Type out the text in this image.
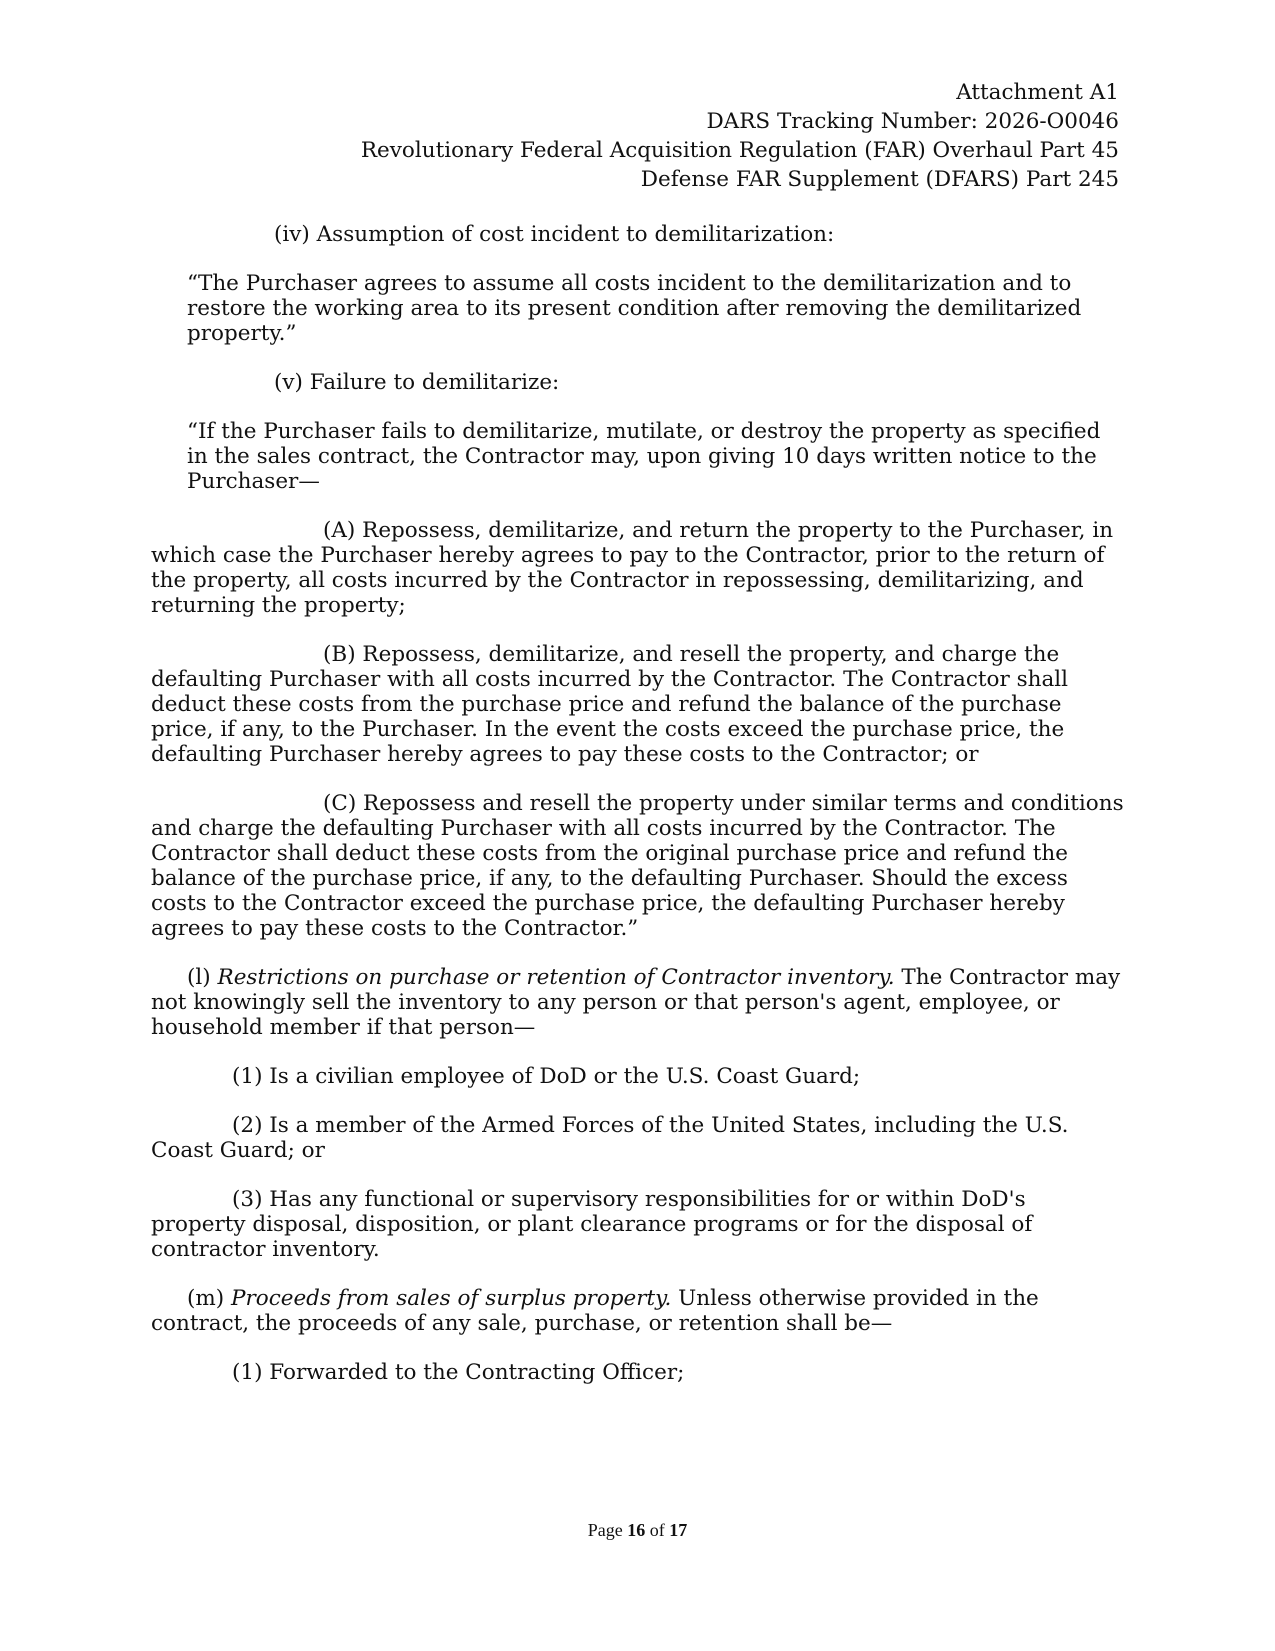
Attachment A1
DARS Tracking Number: 2026-O0046
Revolutionary Federal Acquisition Regulation (FAR) Overhaul Part 45
Defense FAR Supplement (DFARS) Part 245

(iv) Assumption of cost incident to demilitarization:

“The Purchaser agrees to assume all costs incident to the demilitarization and to restore the working area to its present condition after removing the demilitarized property.”

(v) Failure to demilitarize:

“If the Purchaser fails to demilitarize, mutilate, or destroy the property as specified in the sales contract, the Contractor may, upon giving 10 days written notice to the Purchaser—

(A) Repossess, demilitarize, and return the property to the Purchaser, in which case the Purchaser hereby agrees to pay to the Contractor, prior to the return of the property, all costs incurred by the Contractor in repossessing, demilitarizing, and returning the property;

(B) Repossess, demilitarize, and resell the property, and charge the defaulting Purchaser with all costs incurred by the Contractor. The Contractor shall deduct these costs from the purchase price and refund the balance of the purchase price, if any, to the Purchaser. In the event the costs exceed the purchase price, the defaulting Purchaser hereby agrees to pay these costs to the Contractor; or

(C) Repossess and resell the property under similar terms and conditions and charge the defaulting Purchaser with all costs incurred by the Contractor. The Contractor shall deduct these costs from the original purchase price and refund the balance of the purchase price, if any, to the defaulting Purchaser. Should the excess costs to the Contractor exceed the purchase price, the defaulting Purchaser hereby agrees to pay these costs to the Contractor.”

(l) Restrictions on purchase or retention of Contractor inventory. The Contractor may not knowingly sell the inventory to any person or that person's agent, employee, or household member if that person—

(1) Is a civilian employee of DoD or the U.S. Coast Guard;

(2) Is a member of the Armed Forces of the United States, including the U.S. Coast Guard; or

(3) Has any functional or supervisory responsibilities for or within DoD's property disposal, disposition, or plant clearance programs or for the disposal of contractor inventory.

(m) Proceeds from sales of surplus property. Unless otherwise provided in the contract, the proceeds of any sale, purchase, or retention shall be—

(1) Forwarded to the Contracting Officer;

Page 16 of 17
